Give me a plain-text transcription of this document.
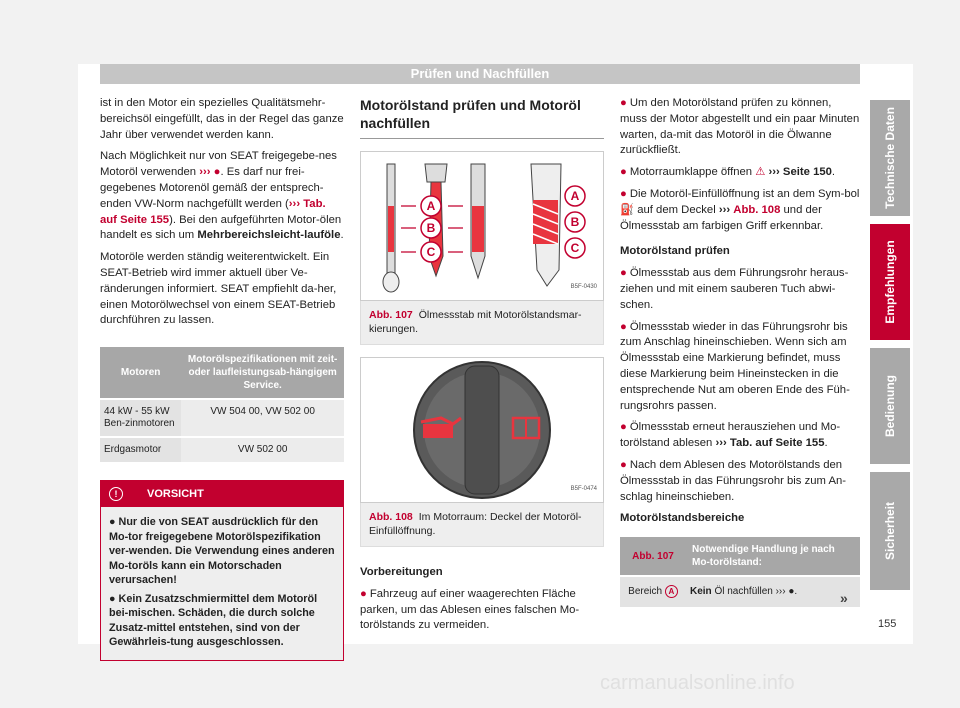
Prüfen und Nachfüllen

ist in den Motor ein spezielles Qualitätsmehr-bereichsöl eingefüllt, das in der Regel das ganze Jahr über verwendet werden kann.

Nach Möglichkeit nur von SEAT freigegebe-nes Motoröl verwenden ››› ●. Es darf nur frei-gegebenes Motorenöl gemäß der entsprech-enden VW-Norm nachgefüllt werden (››› Tab. auf Seite 155). Bei den aufgeführten Motor-ölen handelt es sich um Mehrbereichsleicht-lauföle.

Motoröle werden ständig weiterentwickelt. Ein SEAT-Betrieb wird immer aktuell über Ve-ränderungen informiert. SEAT empfiehlt da-her, einen Motorölwechsel von einem SEAT-Betrieb durchführen zu lassen.

Motoren	Motorölspezifikationen mit zeit- oder laufleistungsab-hängigem Service.
44 kW - 55 kW Ben-zinmotoren	VW 504 00, VW 502 00
Erdgasmotor	VW 502 00
!	VORSICHT

● Nur die von SEAT ausdrücklich für den Mo-tor freigegebene Motorölspezifikation ver-wenden. Die Verwendung eines anderen Mo-toröls kann ein Motorschaden verursachen!

● Kein Zusatzschmiermittel dem Motoröl bei-mischen. Schäden, die durch solche Zusatz-mittel entstehen, sind von der Gewährleis-tung ausgeschlossen.

Motorölstand prüfen und Motoröl nachfüllen
A
B
C
A
B
C
B5F-0430
Abb. 107 Ölmessstab mit Motorölstandsmar-kierungen.
B5F-0474
Abb. 108 Im Motorraum: Deckel der Motoröl-Einfüllöffnung.

Vorbereitungen

● Fahrzeug auf einer waagerechten Fläche parken, um das Ablesen eines falschen Mo-torölstands zu vermeiden.

● Um den Motorölstand prüfen zu können, muss der Motor abgestellt und ein paar Minuten warten, da-mit das Motoröl in die Ölwanne zurückfließt.

● Motorraumklappe öffnen ⚠ ››› Seite 150.

● Die Motoröl-Einfüllöffnung ist an dem Sym-bol ⛽ auf dem Deckel ››› Abb. 108 und der Ölmessstab am farbigen Griff erkennbar.

Motorölstand prüfen

● Ölmessstab aus dem Führungsrohr heraus-ziehen und mit einem sauberen Tuch abwi-schen.

● Ölmessstab wieder in das Führungsrohr bis zum Anschlag hineinschieben. Wenn sich am Ölmessstab eine Markierung befindet, muss diese Markierung beim Hineinstecken in die entsprechende Nut am oberen Ende des Füh-rungsrohrs passen.

● Ölmessstab erneut herausziehen und Mo-torölstand ablesen ››› Tab. auf Seite 155.

● Nach dem Ablesen des Motorölstands den Ölmessstab in das Führungsrohr bis zum An-schlag hineinschieben.

Motorölstandsbereiche

Abb. 107	Notwendige Handlung je nach Mo-torölstand:
Bereich A	Kein Öl nachfüllen ››› ●.	»
Technische Daten
Empfehlungen
Bedienung
Sicherheit
155
carmanualsonline.info
